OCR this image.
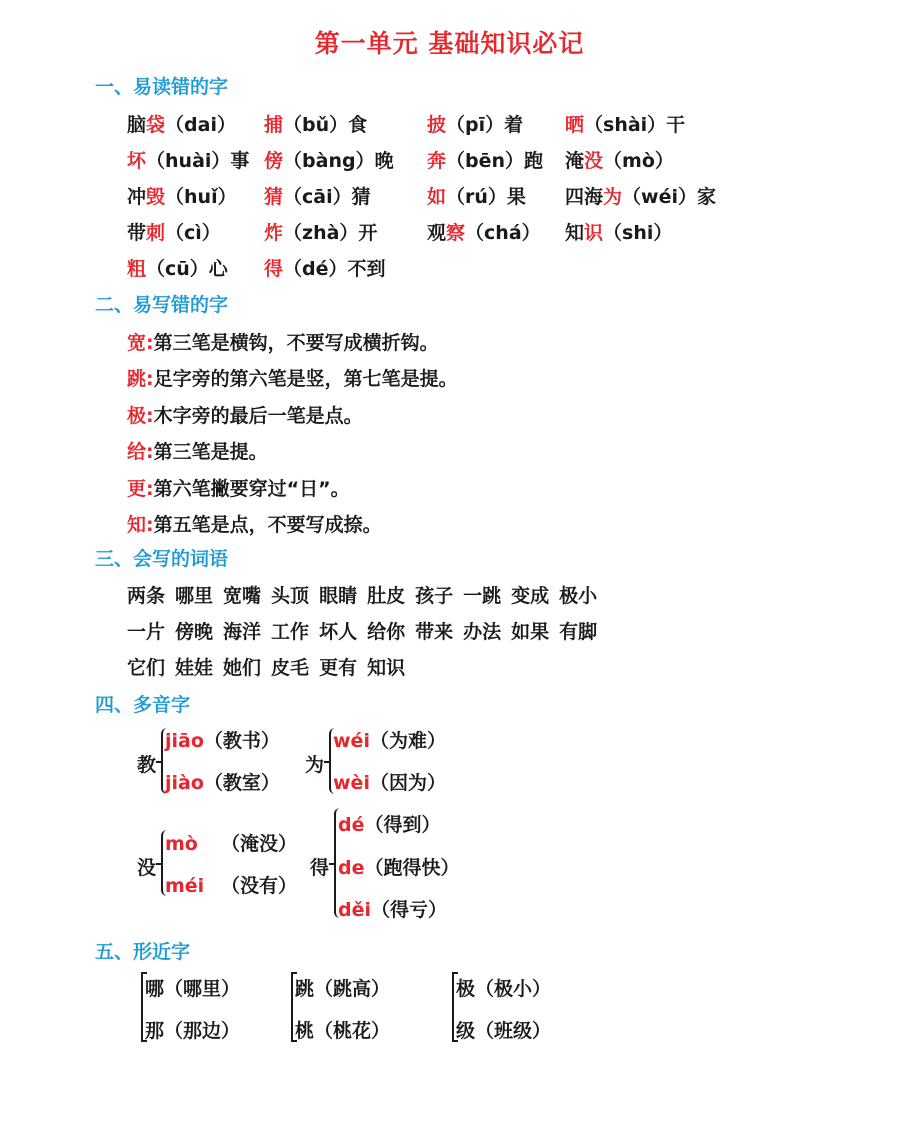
第一单元 基础知识必记
一、易读错的字
脑袋（dai） 捕（bǔ）食	披（pī）着 晒（shài）干
坏（huài）事 傍（bàng）晚 奔（bēn）跑 淹没（mò）
冲毁（huǐ） 猜（cāi）猜	如（rú）果 四海为（wéi）家
带刺（cì） 炸（zhà）开	观察（chá） 知识（shi）
粗（cū）心 得（dé）不到
二、易写错的字
宽:第三笔是横钩，不要写成横折钩。
跳:足字旁的第六笔是竖，第七笔是提。
极:木字旁的最后一笔是点。
给:第三笔是提。
更:第六笔撇要穿过“日”。
知:第五笔是点，不要写成捺。
三、会写的词语
两条 哪里 宽嘴 头顶 眼睛 肚皮 孩子 一跳 变成 极小
一片 傍晚 海洋 工作 坏人 给你 带来 办法 如果 有脚
它们 娃娃 她们 皮毛 更有 知识
四、多音字
教
jiāo（教书）
jiào（教室）
为
wéi（为难）
wèi（因为）
没
mò （淹没）
méi （没有）
得
dé（得到）
de（跑得快）
děi（得亏）
五、形近字
哪（哪里）
那（那边）
跳（跳高）
桃（桃花）
极（极小）
级（班级）
